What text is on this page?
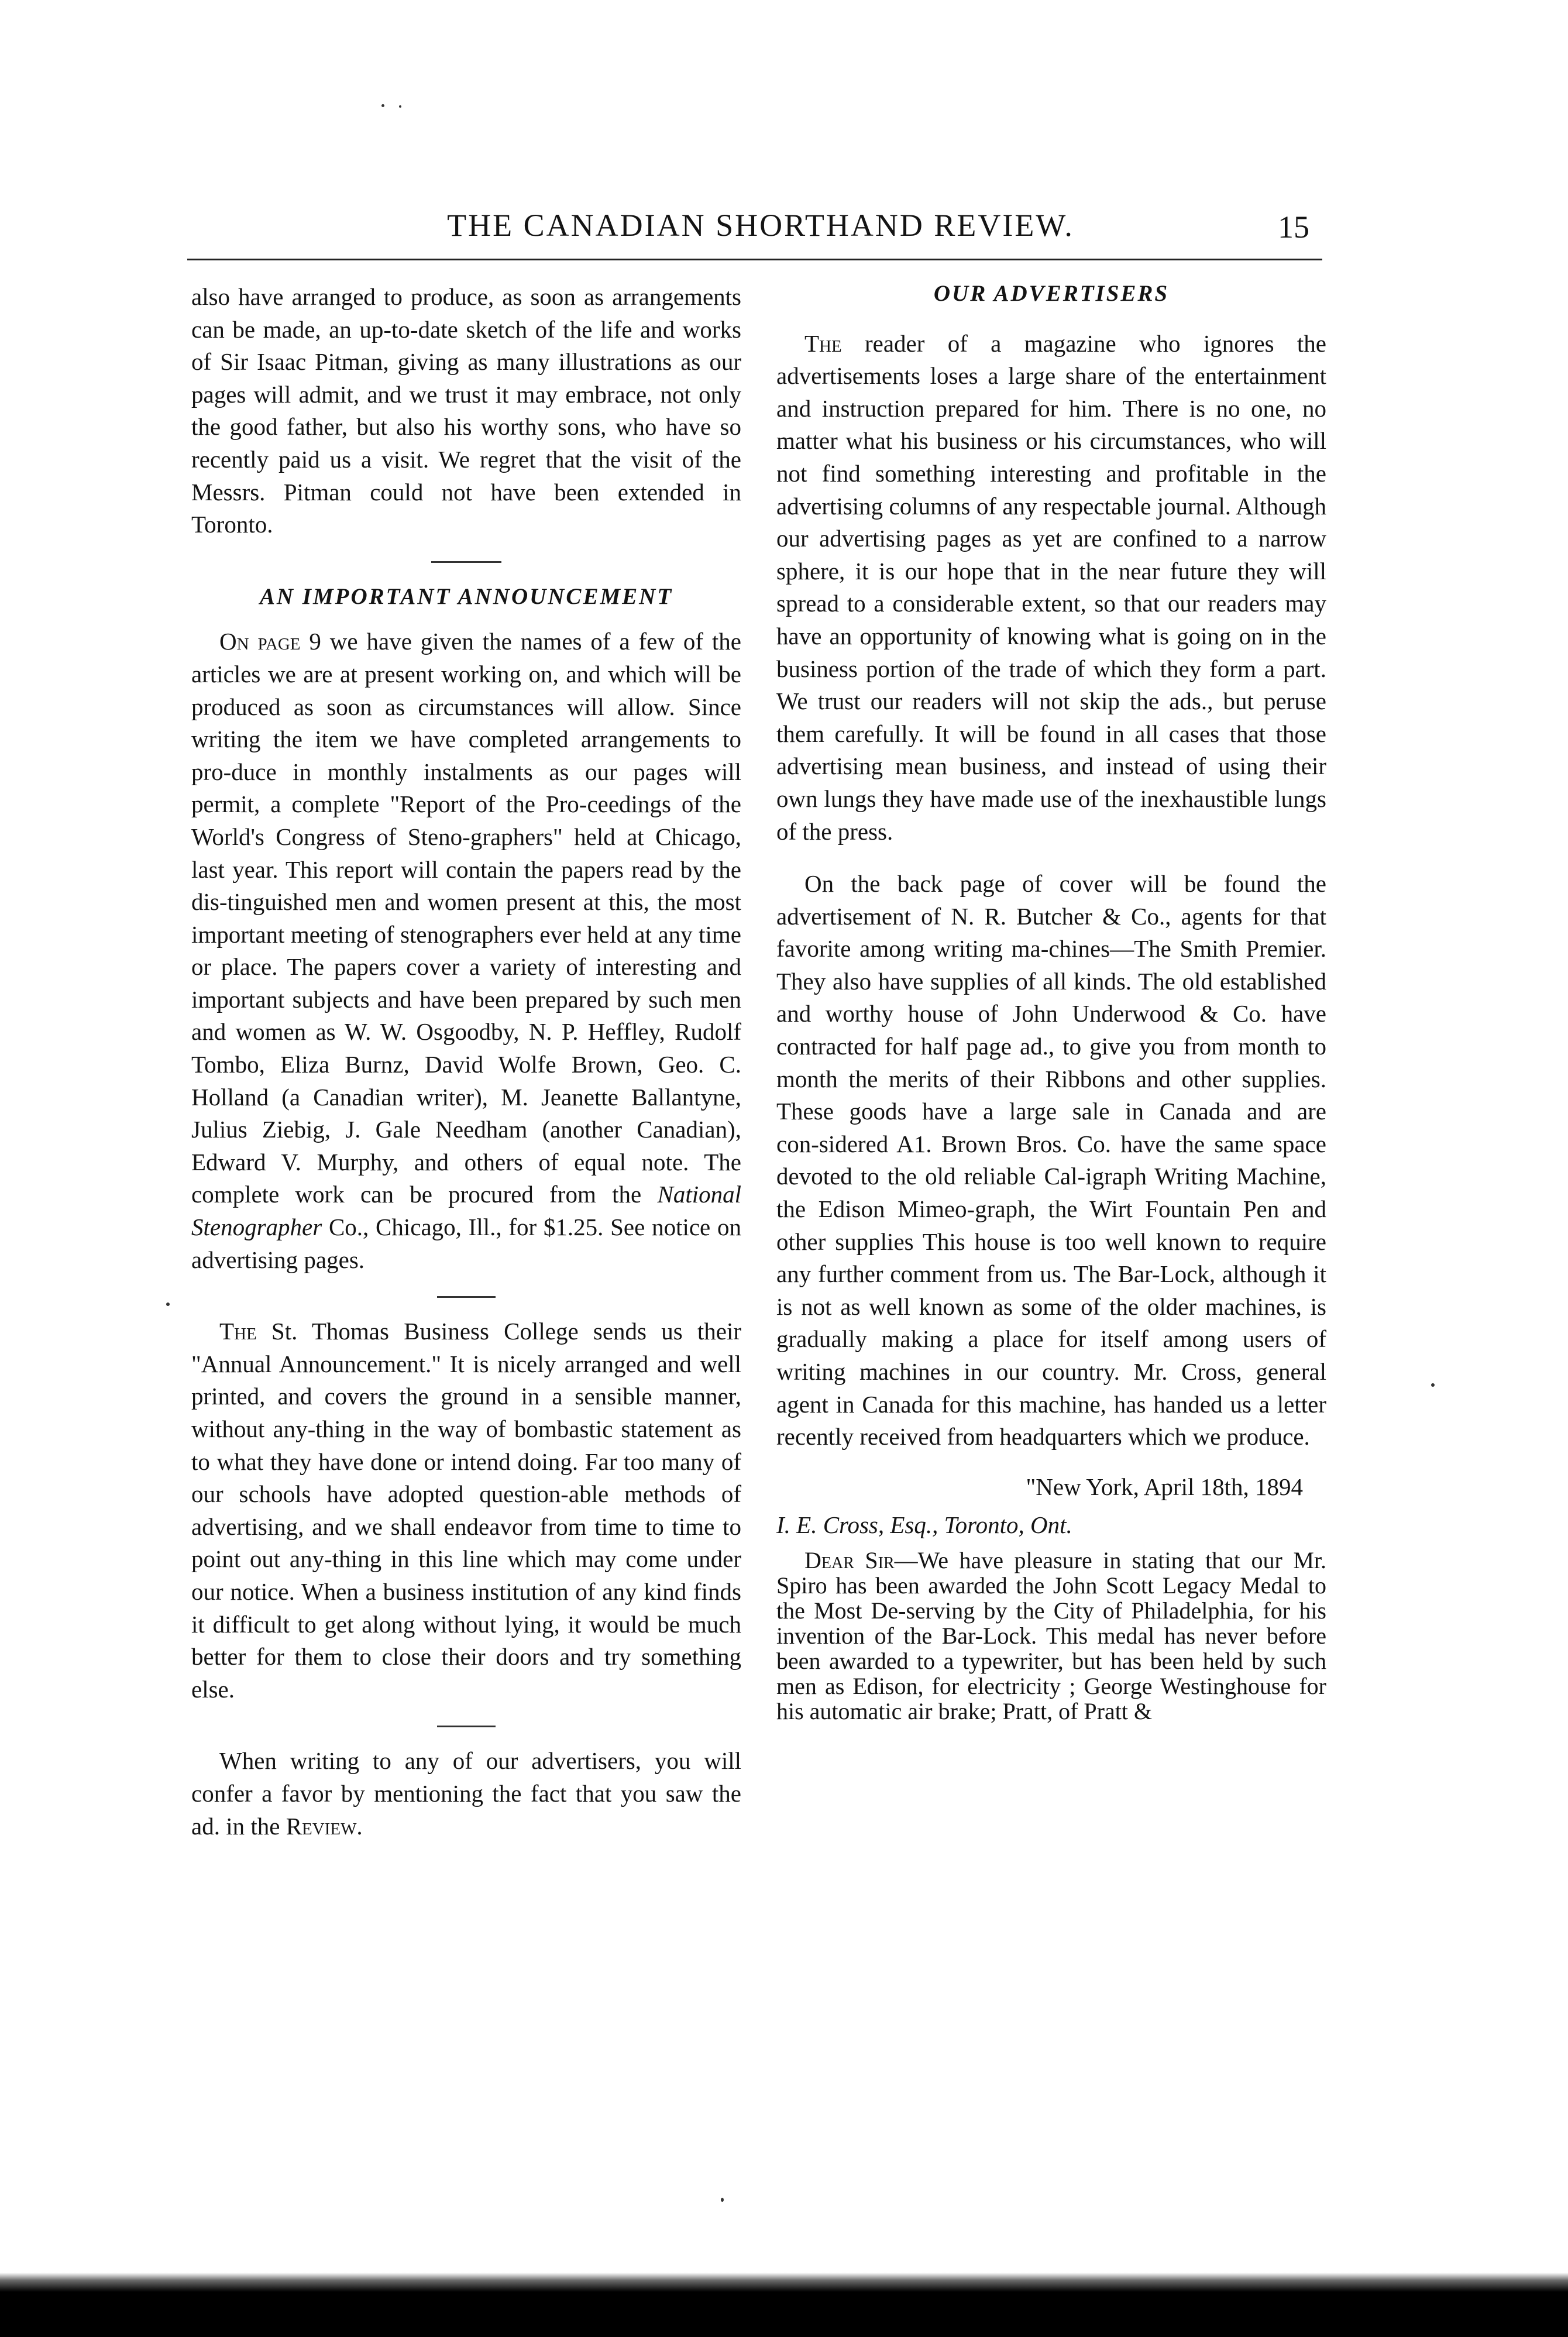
THE CANADIAN SHORTHAND REVIEW.	15

also have arranged to produce, as soon as arrangements can be made, an up-to-date sketch of the life and works of Sir Isaac Pitman, giving as many illustrations as our pages will admit, and we trust it may embrace, not only the good father, but also his worthy sons, who have so recently paid us a visit. We regret that the visit of the Messrs. Pitman could not have been extended in Toronto.

AN IMPORTANT ANNOUNCEMENT

On page 9 we have given the names of a few of the articles we are at present working on, and which will be produced as soon as circumstances will allow. Since writing the item we have completed arrangements to pro‑duce in monthly instalments as our pages will permit, a complete "Report of the Pro‑ceedings of the World's Congress of Steno‑graphers" held at Chicago, last year. This report will contain the papers read by the dis‑tinguished men and women present at this, the most important meeting of stenographers ever held at any time or place. The papers cover a variety of interesting and important subjects and have been prepared by such men and women as W. W. Osgoodby, N. P. Heffley, Rudolf Tombo, Eliza Burnz, David Wolfe Brown, Geo. C. Holland (a Canadian writer), M. Jeanette Ballantyne, Julius Ziebig, J. Gale Needham (another Canadian), Edward V. Murphy, and others of equal note. The complete work can be procured from the National Stenographer Co., Chicago, Ill., for $1.25. See notice on advertising pages.

The St. Thomas Business College sends us their "Annual Announcement." It is nicely arranged and well printed, and covers the ground in a sensible manner, without any‑thing in the way of bombastic statement as to what they have done or intend doing. Far too many of our schools have adopted question‑able methods of advertising, and we shall endeavor from time to time to point out any‑thing in this line which may come under our notice. When a business institution of any kind finds it difficult to get along without lying, it would be much better for them to close their doors and try something else.

When writing to any of our advertisers, you will confer a favor by mentioning the fact that you saw the ad. in the Review.

OUR ADVERTISERS

The reader of a magazine who ignores the advertisements loses a large share of the entertainment and instruction prepared for him. There is no one, no matter what his business or his circumstances, who will not find something interesting and profitable in the advertising columns of any respectable journal. Although our advertising pages as yet are confined to a narrow sphere, it is our hope that in the near future they will spread to a considerable extent, so that our readers may have an opportunity of knowing what is going on in the business portion of the trade of which they form a part. We trust our readers will not skip the ads., but peruse them carefully. It will be found in all cases that those advertising mean business, and instead of using their own lungs they have made use of the inexhaustible lungs of the press.

On the back page of cover will be found the advertisement of N. R. Butcher & Co., agents for that favorite among writing ma‑chines—The Smith Premier. They also have supplies of all kinds. The old established and worthy house of John Underwood & Co. have contracted for half page ad., to give you from month to month the merits of their Ribbons and other supplies. These goods have a large sale in Canada and are con‑sidered A1. Brown Bros. Co. have the same space devoted to the old reliable Cal‑igraph Writing Machine, the Edison Mimeo‑graph, the Wirt Fountain Pen and other supplies This house is too well known to require any further comment from us. The Bar-Lock, although it is not as well known as some of the older machines, is gradually making a place for itself among users of writing machines in our country. Mr. Cross, general agent in Canada for this machine, has handed us a letter recently received from headquarters which we produce.

"New York, April 18th, 1894
I. E. Cross, Esq., Toronto, Ont.

Dear Sir—We have pleasure in stating that our Mr. Spiro has been awarded the John Scott Legacy Medal to the Most De‑serving by the City of Philadelphia, for his invention of the Bar-Lock. This medal has never before been awarded to a typewriter, but has been held by such men as Edison, for electricity ; George Westinghouse for his automatic air brake; Pratt, of Pratt &
